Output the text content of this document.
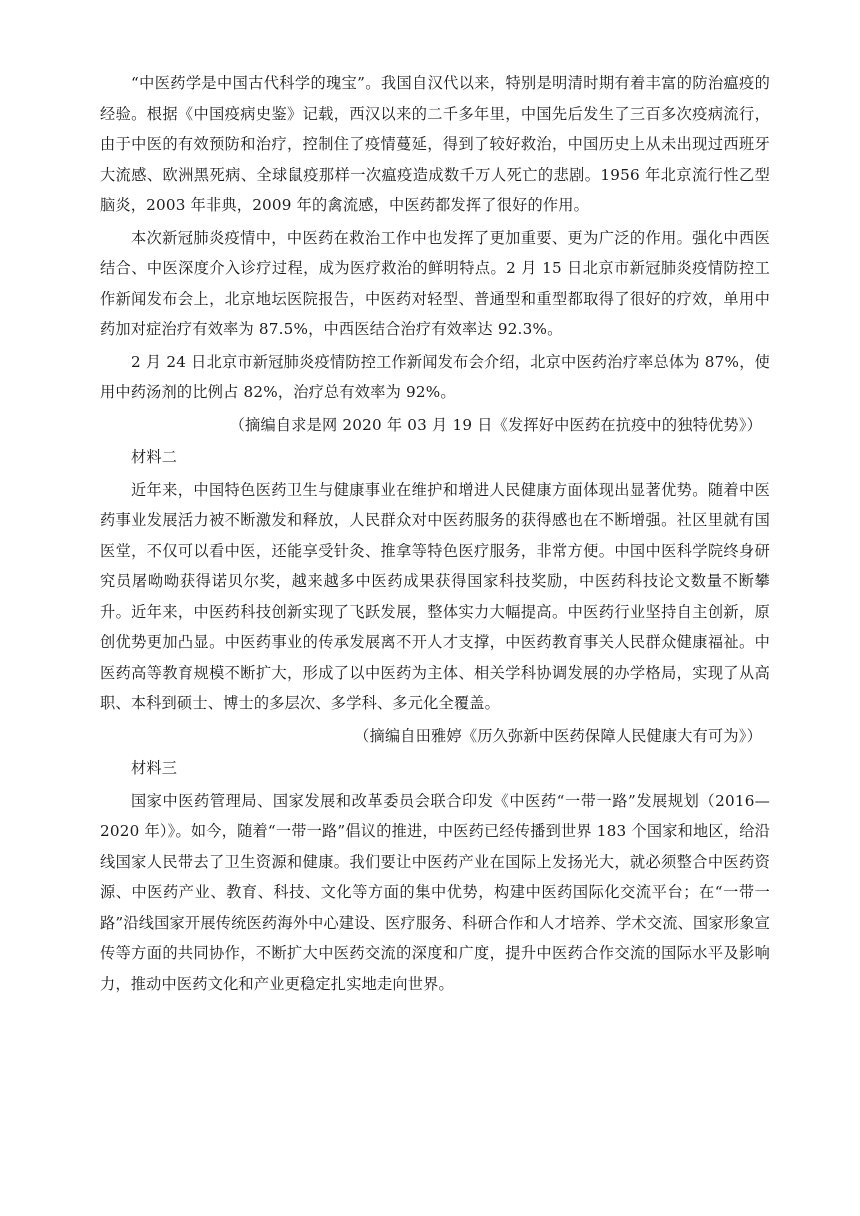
“中医药学是中国古代科学的瑰宝”。我国自汉代以来，特别是明清时期有着丰富的防治瘟疫的经验。根据《中国疫病史鉴》记载，西汉以来的二千多年里，中国先后发生了三百多次疫病流行，由于中医的有效预防和治疗，控制住了疫情蔓延，得到了较好救治，中国历史上从未出现过西班牙大流感、欧洲黑死病、全球鼠疫那样一次瘟疫造成数千万人死亡的悲剧。1956 年北京流行性乙型脑炎，2003 年非典，2009 年的禽流感，中医药都发挥了很好的作用。

本次新冠肺炎疫情中，中医药在救治工作中也发挥了更加重要、更为广泛的作用。强化中西医结合、中医深度介入诊疗过程，成为医疗救治的鲜明特点。2 月 15 日北京市新冠肺炎疫情防控工作新闻发布会上，北京地坛医院报告，中医药对轻型、普通型和重型都取得了很好的疗效，单用中药加对症治疗有效率为 87.5%，中西医结合治疗有效率达 92.3%。

2 月 24 日北京市新冠肺炎疫情防控工作新闻发布会介绍，北京中医药治疗率总体为 87%，使用中药汤剂的比例占 82%，治疗总有效率为 92%。

（摘编自求是网 2020 年 03 月 19 日《发挥好中医药在抗疫中的独特优势》）

材料二

近年来，中国特色医药卫生与健康事业在维护和增进人民健康方面体现出显著优势。随着中医药事业发展活力被不断激发和释放，人民群众对中医药服务的获得感也在不断增强。社区里就有国医堂，不仅可以看中医，还能享受针灸、推拿等特色医疗服务，非常方便。中国中医科学院终身研究员屠呦呦获得诺贝尔奖，越来越多中医药成果获得国家科技奖励，中医药科技论文数量不断攀升。近年来，中医药科技创新实现了飞跃发展，整体实力大幅提高。中医药行业坚持自主创新，原创优势更加凸显。中医药事业的传承发展离不开人才支撑，中医药教育事关人民群众健康福祉。中医药高等教育规模不断扩大，形成了以中医药为主体、相关学科协调发展的办学格局，实现了从高职、本科到硕士、博士的多层次、多学科、多元化全覆盖。

（摘编自田雅婷《历久弥新中医药保障人民健康大有可为》）

材料三

国家中医药管理局、国家发展和改革委员会联合印发《中医药“一带一路”发展规划（2016—2020 年）》。如今，随着“一带一路”倡议的推进，中医药已经传播到世界 183 个国家和地区，给沿线国家人民带去了卫生资源和健康。我们要让中医药产业在国际上发扬光大，就必须整合中医药资源、中医药产业、教育、科技、文化等方面的集中优势，构建中医药国际化交流平台；在“一带一路”沿线国家开展传统医药海外中心建设、医疗服务、科研合作和人才培养、学术交流、国家形象宣传等方面的共同协作，不断扩大中医药交流的深度和广度，提升中医药合作交流的国际水平及影响力，推动中医药文化和产业更稳定扎实地走向世界。
